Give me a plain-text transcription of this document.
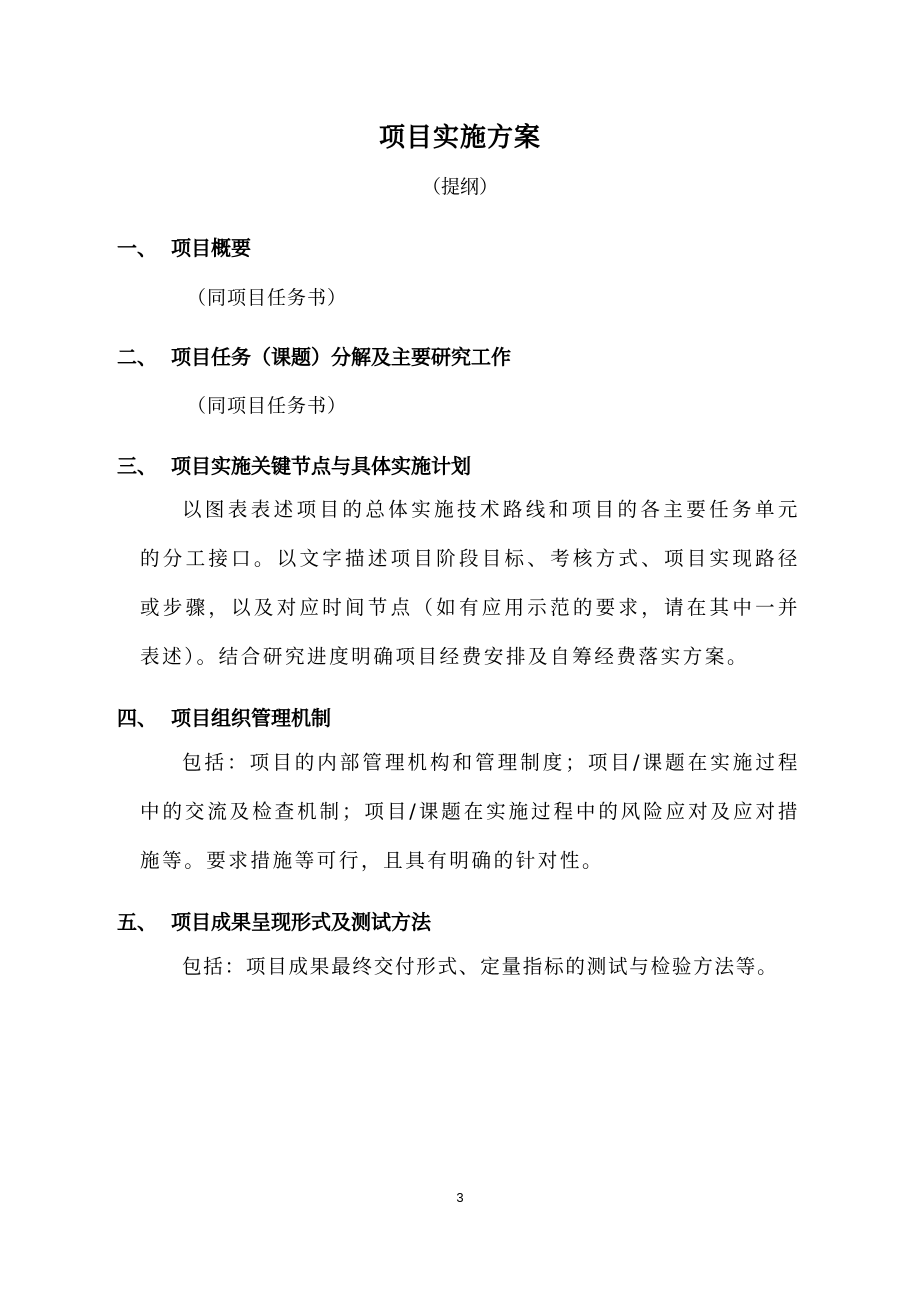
项目实施方案
（提纲）
一、 项目概要
（同项目任务书）
二、 项目任务（课题）分解及主要研究工作
（同项目任务书）
三、 项目实施关键节点与具体实施计划
以图表表述项目的总体实施技术路线和项目的各主要任务单元的分工接口。以文字描述项目阶段目标、考核方式、项目实现路径或步骤，以及对应时间节点（如有应用示范的要求，请在其中一并表述）。结合研究进度明确项目经费安排及自筹经费落实方案。
四、 项目组织管理机制
包括：项目的内部管理机构和管理制度；项目/课题在实施过程中的交流及检查机制；项目/课题在实施过程中的风险应对及应对措施等。要求措施等可行，且具有明确的针对性。
五、 项目成果呈现形式及测试方法
包括：项目成果最终交付形式、定量指标的测试与检验方法等。
3
